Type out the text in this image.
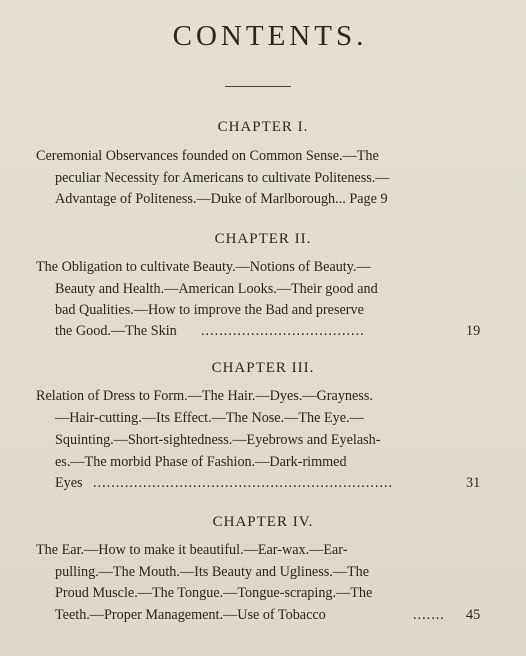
CONTENTS.
CHAPTER I.
Ceremonial Observances founded on Common Sense.—The
peculiar Necessity for Americans to cultivate Politeness.—
Advantage of Politeness.—Duke of Marlborough... Page 9
CHAPTER II.
The Obligation to cultivate Beauty.—Notions of Beauty.—
Beauty and Health.—American Looks.—Their good and
bad Qualities.—How to improve the Bad and preserve
the Good.—The Skin ....................................	19
CHAPTER III.
Relation of Dress to Form.—The Hair.—Dyes.—Grayness.
—Hair-cutting.—Its Effect.—The Nose.—The Eye.—
Squinting.—Short-sightedness.—Eyebrows and Eyelash-
es.—The morbid Phase of Fashion.—Dark-rimmed
Eyes ..................................................................	31
CHAPTER IV.
The Ear.—How to make it beautiful.—Ear-wax.—Ear-
pulling.—The Mouth.—Its Beauty and Ugliness.—The
Proud Muscle.—The Tongue.—Tongue-scraping.—The
Teeth.—Proper Management.—Use of Tobacco	....... 45
